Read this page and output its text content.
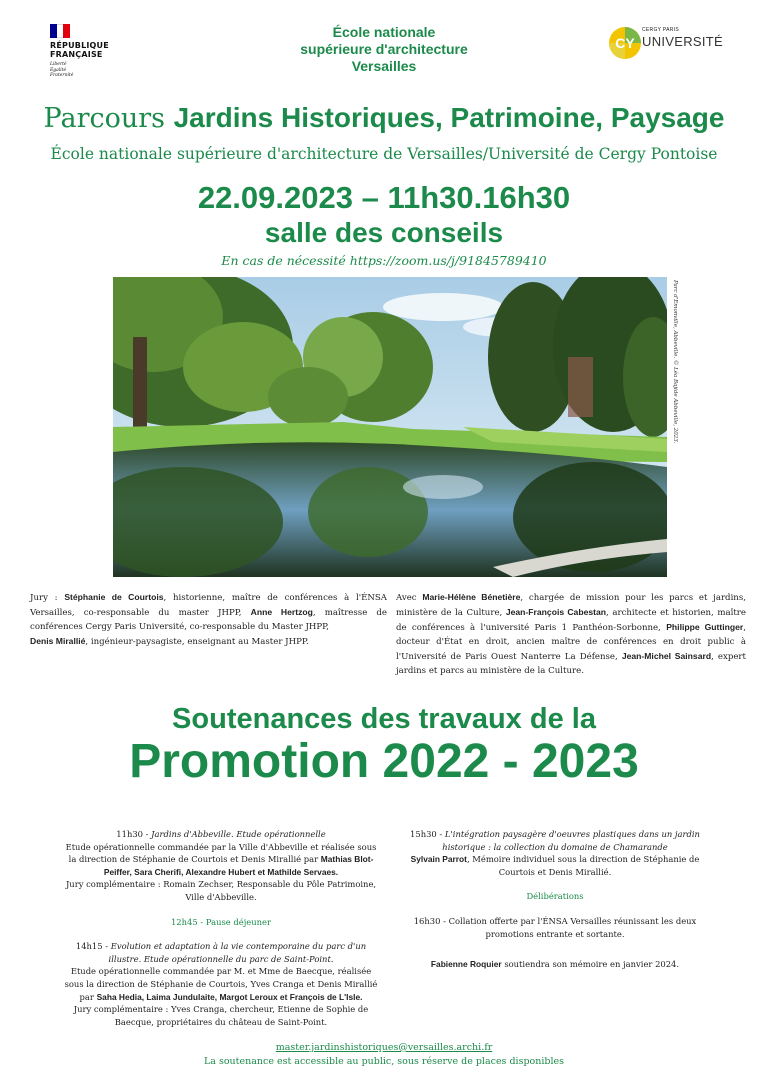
RÉPUBLIQUE
FRANÇAISE
Liberté
Égalité
Fraternité
École nationale
supérieure d'architecture
Versailles
CY
CERGY PARIS
UNIVERSITÉ
Parcours Jardins Historiques, Patrimoine, Paysage
École nationale supérieure d'architecture de Versailles/Université de Cergy Pontoise
22.09.2023 – 11h30.16h30
salle des conseils
En cas de nécessité https://zoom.us/j/91845789410
Parc d'Emonville, Abbeville. © Léa Bajide Abbeville, 2023.
Jury : Stéphanie de Courtois, historienne, maître de conférences à l'ÉNSA Versailles, co-responsable du master JHPP, Anne Hertzog, maîtresse de conférences Cergy Paris Université, co-responsable du Master JHPP,
Denis Mirallié, ingénieur-paysagiste, enseignant au Master JHPP.
Avec Marie-Hélène Bénetière, chargée de mission pour les parcs et jardins, ministère de la Culture, Jean-François Cabestan, architecte et historien, maître de conférences à l'université Paris 1 Panthéon-Sorbonne, Philippe Guttinger, docteur d'État en droit, ancien maître de conférences en droit public à l'Université de Paris Ouest Nanterre La Défense, Jean-Michel Sainsard, expert jardins et parcs au ministère de la Culture.
Soutenances des travaux de la
Promotion 2022 - 2023
11h30 - Jardins d'Abbeville. Etude opérationnelle
Etude opérationnelle commandée par la Ville d'Abbeville et réalisée sous la direction de Stéphanie de Courtois et Denis Mirallié par Mathias Blot-Peiffer, Sara Cherifi, Alexandre Hubert et Mathilde Servaes.
Jury complémentaire : Romain Zechser, Responsable du Pôle Patrimoine, Ville d'Abbeville.
12h45 - Pause déjeuner
14h15 - Evolution et adaptation à la vie contemporaine du parc d'un illustre. Etude opérationnelle du parc de Saint-Point.
Etude opérationnelle commandée par M. et Mme de Baecque, réalisée sous la direction de Stéphanie de Courtois, Yves Cranga et Denis Mirallié par Saha Hedia, Laima Jundulaite, Margot Leroux et François de L'Isle.
Jury complémentaire : Yves Cranga, chercheur, Etienne de Sophie de Baecque, propriétaires du château de Saint-Point.
15h30 - L'intégration paysagère d'oeuvres plastiques dans un jardin historique : la collection du domaine de Chamarande
Sylvain Parrot, Mémoire individuel sous la direction de Stéphanie de Courtois et Denis Mirallié.
Délibérations
16h30 - Collation offerte par l'ÉNSA Versailles réunissant les deux promotions entrante et sortante.
Fabienne Roquier soutiendra son mémoire en janvier 2024.
master.jardinshistoriques@versailles.archi.fr
La soutenance est accessible au public, sous réserve de places disponibles
